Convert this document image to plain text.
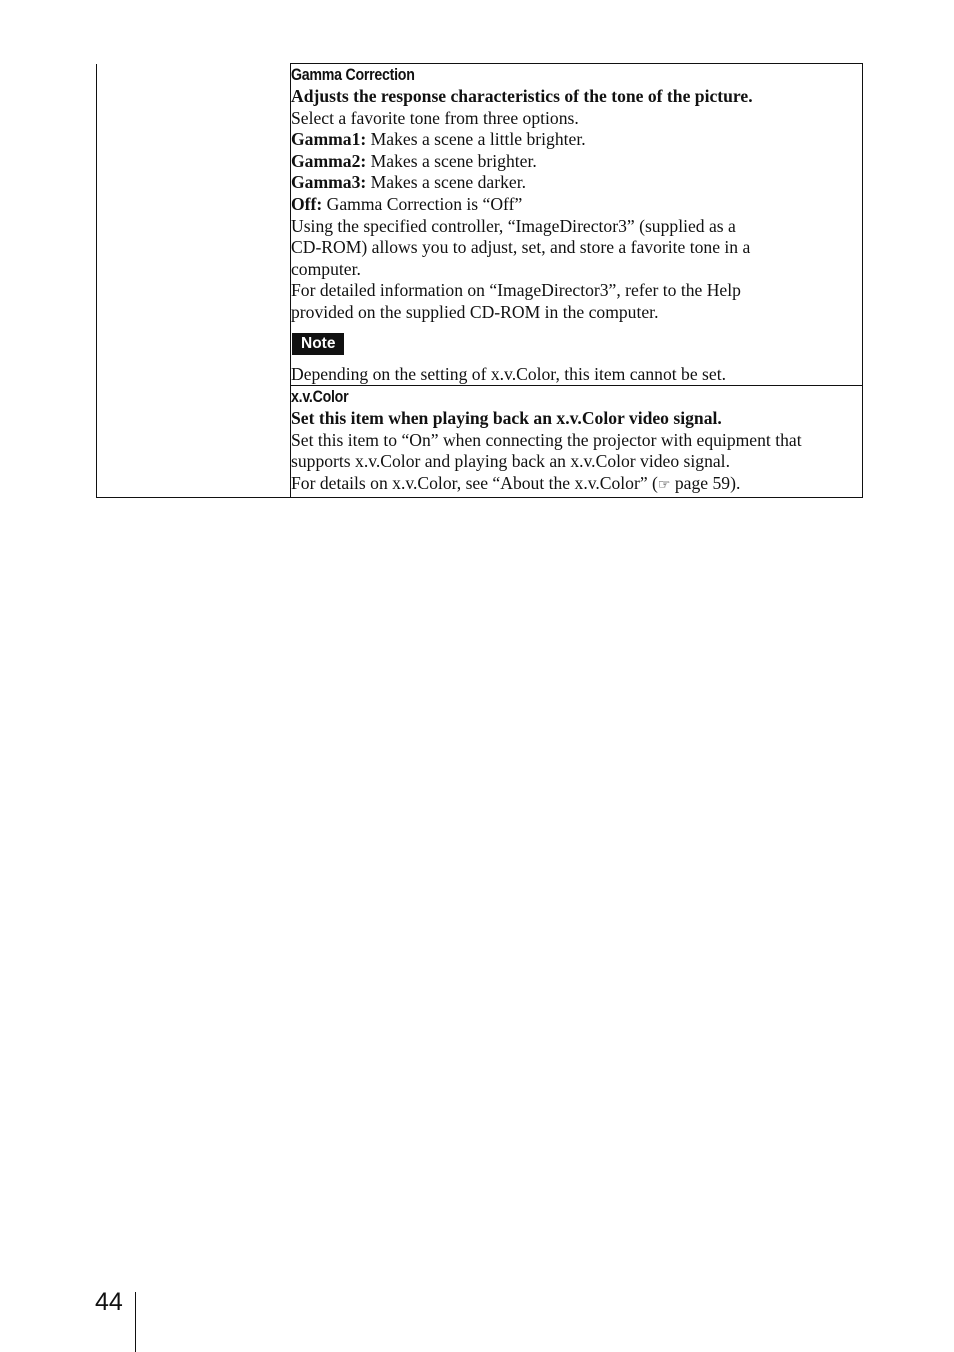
Gamma Correction
Adjusts the response characteristics of the tone of the picture.
Select a favorite tone from three options.
Gamma1: Makes a scene a little brighter.
Gamma2: Makes a scene brighter.
Gamma3: Makes a scene darker.
Off: Gamma Correction is “Off”
Using the specified controller, “ImageDirector3” (supplied as a
CD-ROM) allows you to adjust, set, and store a favorite tone in a
computer.
For detailed information on “ImageDirector3”, refer to the Help
provided on the supplied CD-ROM in the computer.
Note
Depending on the setting of x.v.Color, this item cannot be set.

x.v.Color
Set this item when playing back an x.v.Color video signal.
Set this item to “On” when connecting the projector with equipment that
supports x.v.Color and playing back an x.v.Color video signal.
For details on x.v.Color, see “About the x.v.Color” (☞ page 59).
44
